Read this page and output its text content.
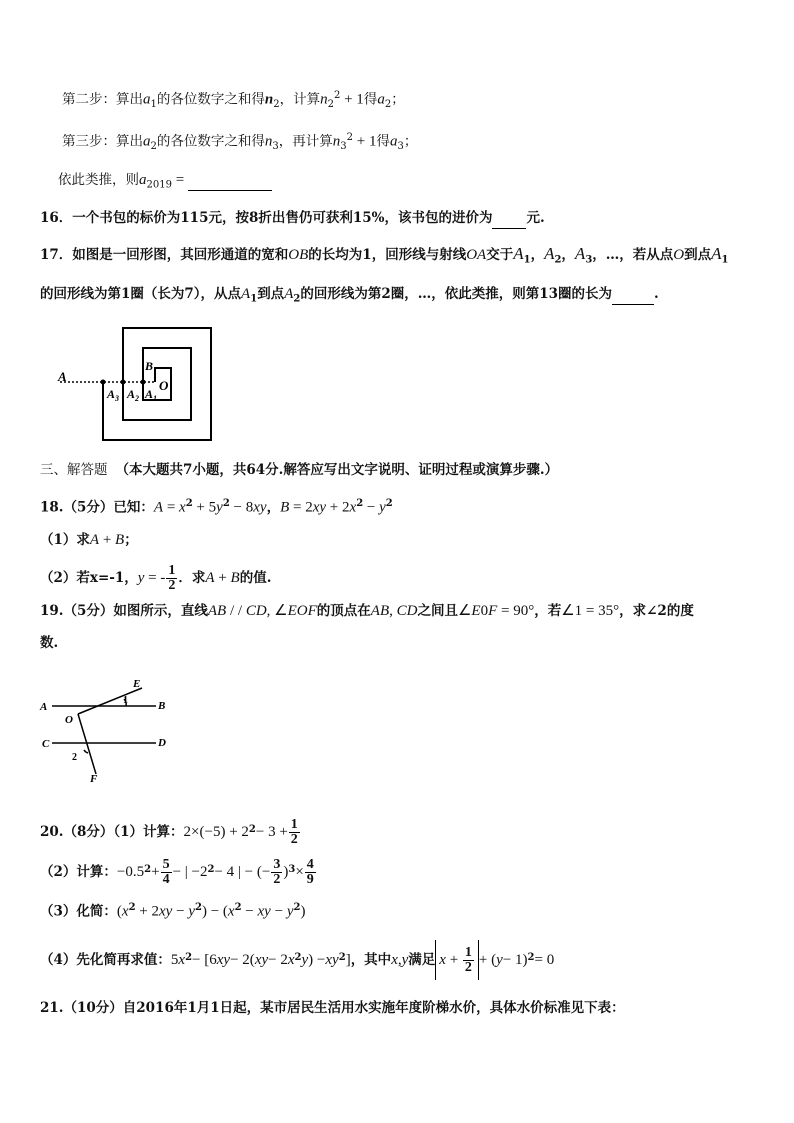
第二步：算出$a_1$的各位数字之和得$n_2$，计算$n_2^2 + 1$得$a_2$；
第三步：算出$a_2$的各位数字之和得$n_3$，再计算$n_3^2 + 1$得$a_3$；
依此类推，则$a_{2019}$ =
16．一个书包的标价为115元，按8折出售仍可获利15%，该书包的进价为	元.
17．如图是一回形图，其回形通道的宽和OB的长均为1，回形线与射线OA交于$A_1$，$A_2$，$A_3$，…，若从点O到点$A_1$
的回形线为第1圈（长为7），从点$A_1$到点$A_2$的回形线为第2圈，…，依此类推，则第13圈的长为	.
A
B
O
$A_3$ $A_2$ $A_1$
三、解答题 （本大题共7小题，共64分.解答应写出文字说明、证明过程或演算步骤.）
18.（5分）已知：$A = x^2 + 5y^2 - 8xy$，$B = 2xy + 2x^2 - y^2$
（1）求A + B；
（2）若x=-1，y = - $\frac{1}{2}$ ．求A + B的值.
19.（5分）如图所示，直线AB / / CD, ∠EOF的顶点在AB, CD之间且∠E0F = 90°，若∠1 = 35°，求∠2的度
数.
A	B
C	D
E
F
O
1
2
20.（8分）（1）计算： 2×(−5) + 2 $2 - 3 + \frac{1}{2}$
（2）计算： −0.5 $2 + \frac{5}{4}$ − | −2 2 − 4 | − (− $\frac{3}{2}$ ) $3 \times \frac{4}{9}$
（3）化简：$(x^2 + 2xy - y^2) - (x^2$ − xy − $y^2$)
（4）先化简再求值： 5 x 2 − [6 xy − 2( xy − 2 x 2 y ) − xy 2 ] ，其中 x , y 满足 $x + \frac{1}{2}$ + ( y − 1) 2 = 0
21.（10分）自2016年1月1日起，某市居民生活用水实施年度阶梯水价，具体水价标准见下表：
